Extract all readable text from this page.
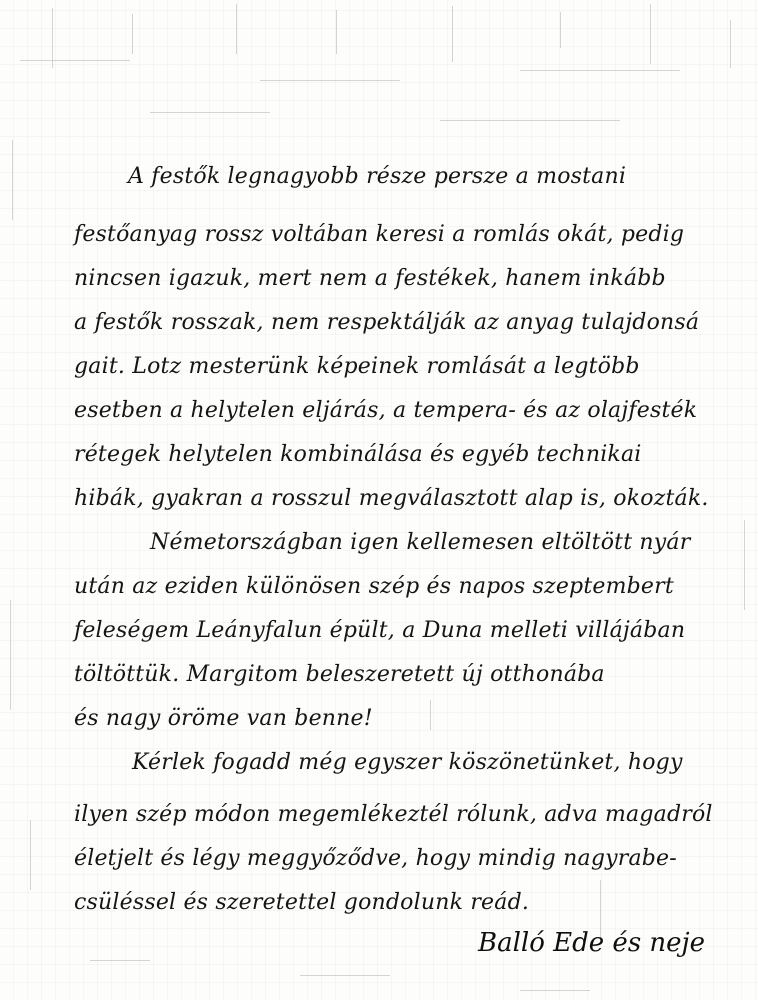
A festők legnagyobb része persze a mostani

festőanyag rossz voltában keresi a romlás okát, pedig

nincsen igazuk, mert nem a festékek, hanem inkább

a festők rosszak, nem respektálják az anyag tulajdonsá

gait. Lotz mesterünk képeinek romlását a legtöbb

esetben a helytelen eljárás, a tempera- és az olajfesték

rétegek helytelen kombinálása és egyéb technikai

hibák, gyakran a rosszul megválasztott alap is, okozták.

Németországban igen kellemesen eltöltött nyár

után az eziden különösen szép és napos szeptembert

feleségem Leányfalun épült, a Duna melleti villájában

töltöttük. Margitom beleszeretett új otthonába

és nagy öröme van benne!

Kérlek fogadd még egyszer köszönetünket, hogy

ilyen szép módon megemlékeztél rólunk, adva magadról

életjelt és légy meggyőződve, hogy mindig nagyrabe-

csüléssel és szeretettel gondolunk reád.

Balló Ede és neje
